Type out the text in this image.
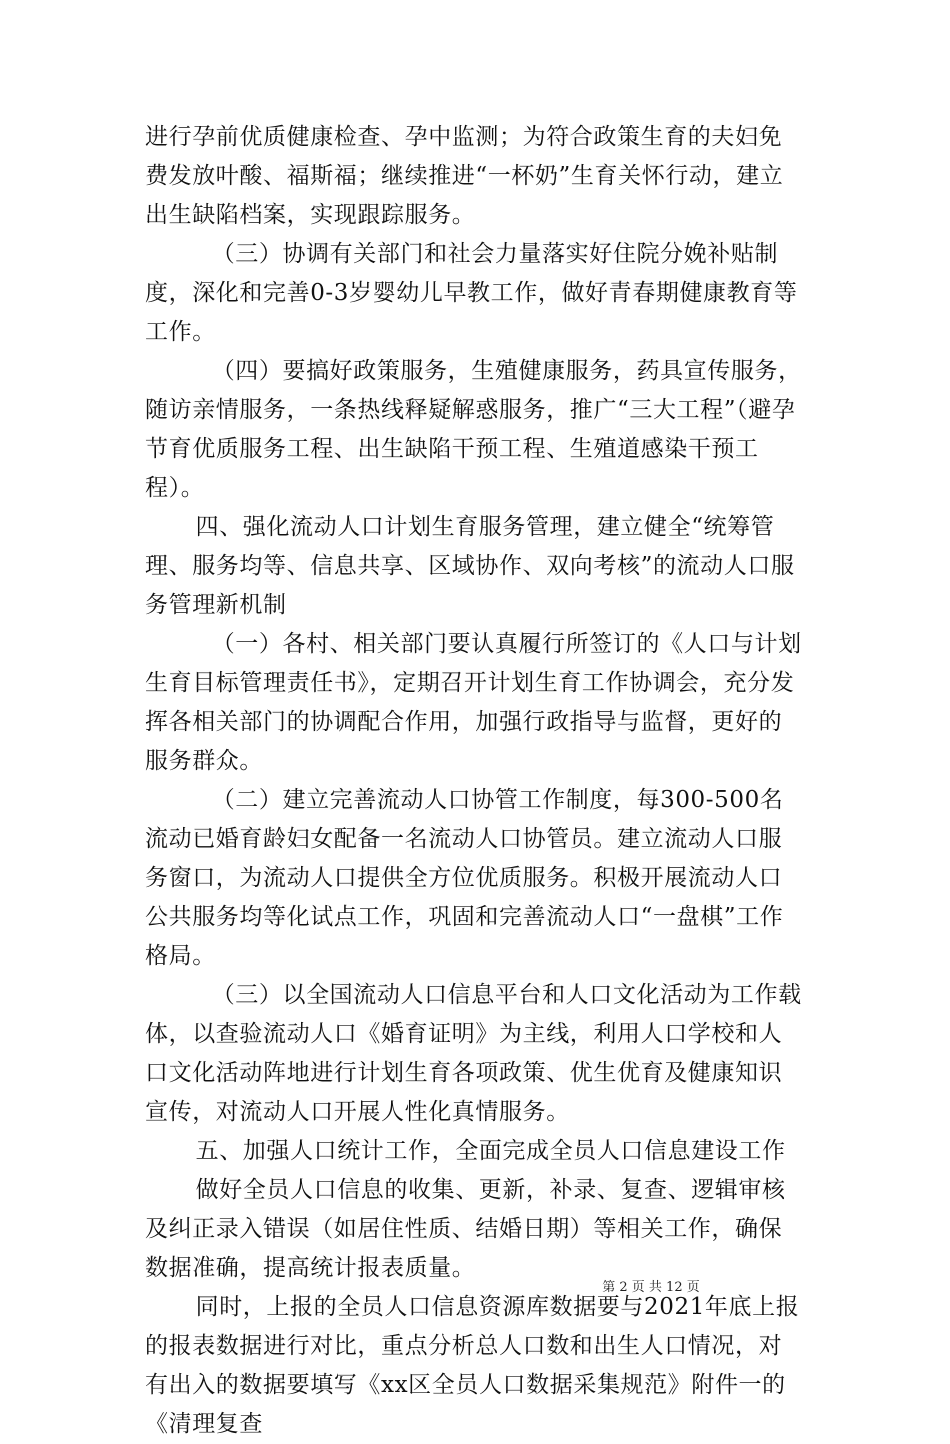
进行孕前优质健康检查、孕中监测；为符合政策生育的夫妇免费发放叶酸、福斯福；继续推进“一杯奶”生育关怀行动，建立出生缺陷档案，实现跟踪服务。

（三）协调有关部门和社会力量落实好住院分娩补贴制度，深化和完善0-3岁婴幼儿早教工作，做好青春期健康教育等工作。

（四）要搞好政策服务，生殖健康服务，药具宣传服务，随访亲情服务，一条热线释疑解惑服务，推广“三大工程”（避孕节育优质服务工程、出生缺陷干预工程、生殖道感染干预工程）。

四、强化流动人口计划生育服务管理，建立健全“统筹管理、服务均等、信息共享、区域协作、双向考核”的流动人口服务管理新机制

（一）各村、相关部门要认真履行所签订的《人口与计划生育目标管理责任书》，定期召开计划生育工作协调会，充分发挥各相关部门的协调配合作用，加强行政指导与监督，更好的服务群众。

（二）建立完善流动人口协管工作制度，每300-500名流动已婚育龄妇女配备一名流动人口协管员。建立流动人口服务窗口，为流动人口提供全方位优质服务。积极开展流动人口公共服务均等化试点工作，巩固和完善流动人口“一盘棋”工作格局。

（三）以全国流动人口信息平台和人口文化活动为工作载体，以查验流动人口《婚育证明》为主线，利用人口学校和人口文化活动阵地进行计划生育各项政策、优生优育及健康知识宣传，对流动人口开展人性化真情服务。

五、加强人口统计工作，全面完成全员人口信息建设工作

做好全员人口信息的收集、更新，补录、复查、逻辑审核及纠正录入错误（如居住性质、结婚日期）等相关工作，确保数据准确，提高统计报表质量。

同时，上报的全员人口信息资源库数据要与2021年底上报的报表数据进行对比，重点分析总人口数和出生人口情况，对有出入的数据要填写《xx区全员人口数据采集规范》附件一的《清理复查

第 2 页 共 12 页
